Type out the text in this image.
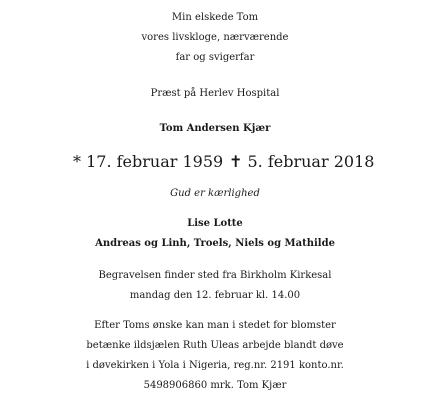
Min elskede Tom
vores livskloge, nærværende
far og svigerfar
Præst på Herlev Hospital
Tom Andersen Kjær
* 17. februar 1959 ✝ 5. februar 2018
Gud er kærlighed
Lise Lotte
Andreas og Linh, Troels, Niels og Mathilde
Begravelsen finder sted fra Birkholm Kirkesal
mandag den 12. februar kl. 14.00
Efter Toms ønske kan man i stedet for blomster
betænke ildsjælen Ruth Uleas arbejde blandt døve
i døvekirken i Yola i Nigeria, reg.nr. 2191 konto.nr.
5498906860 mrk. Tom Kjær
